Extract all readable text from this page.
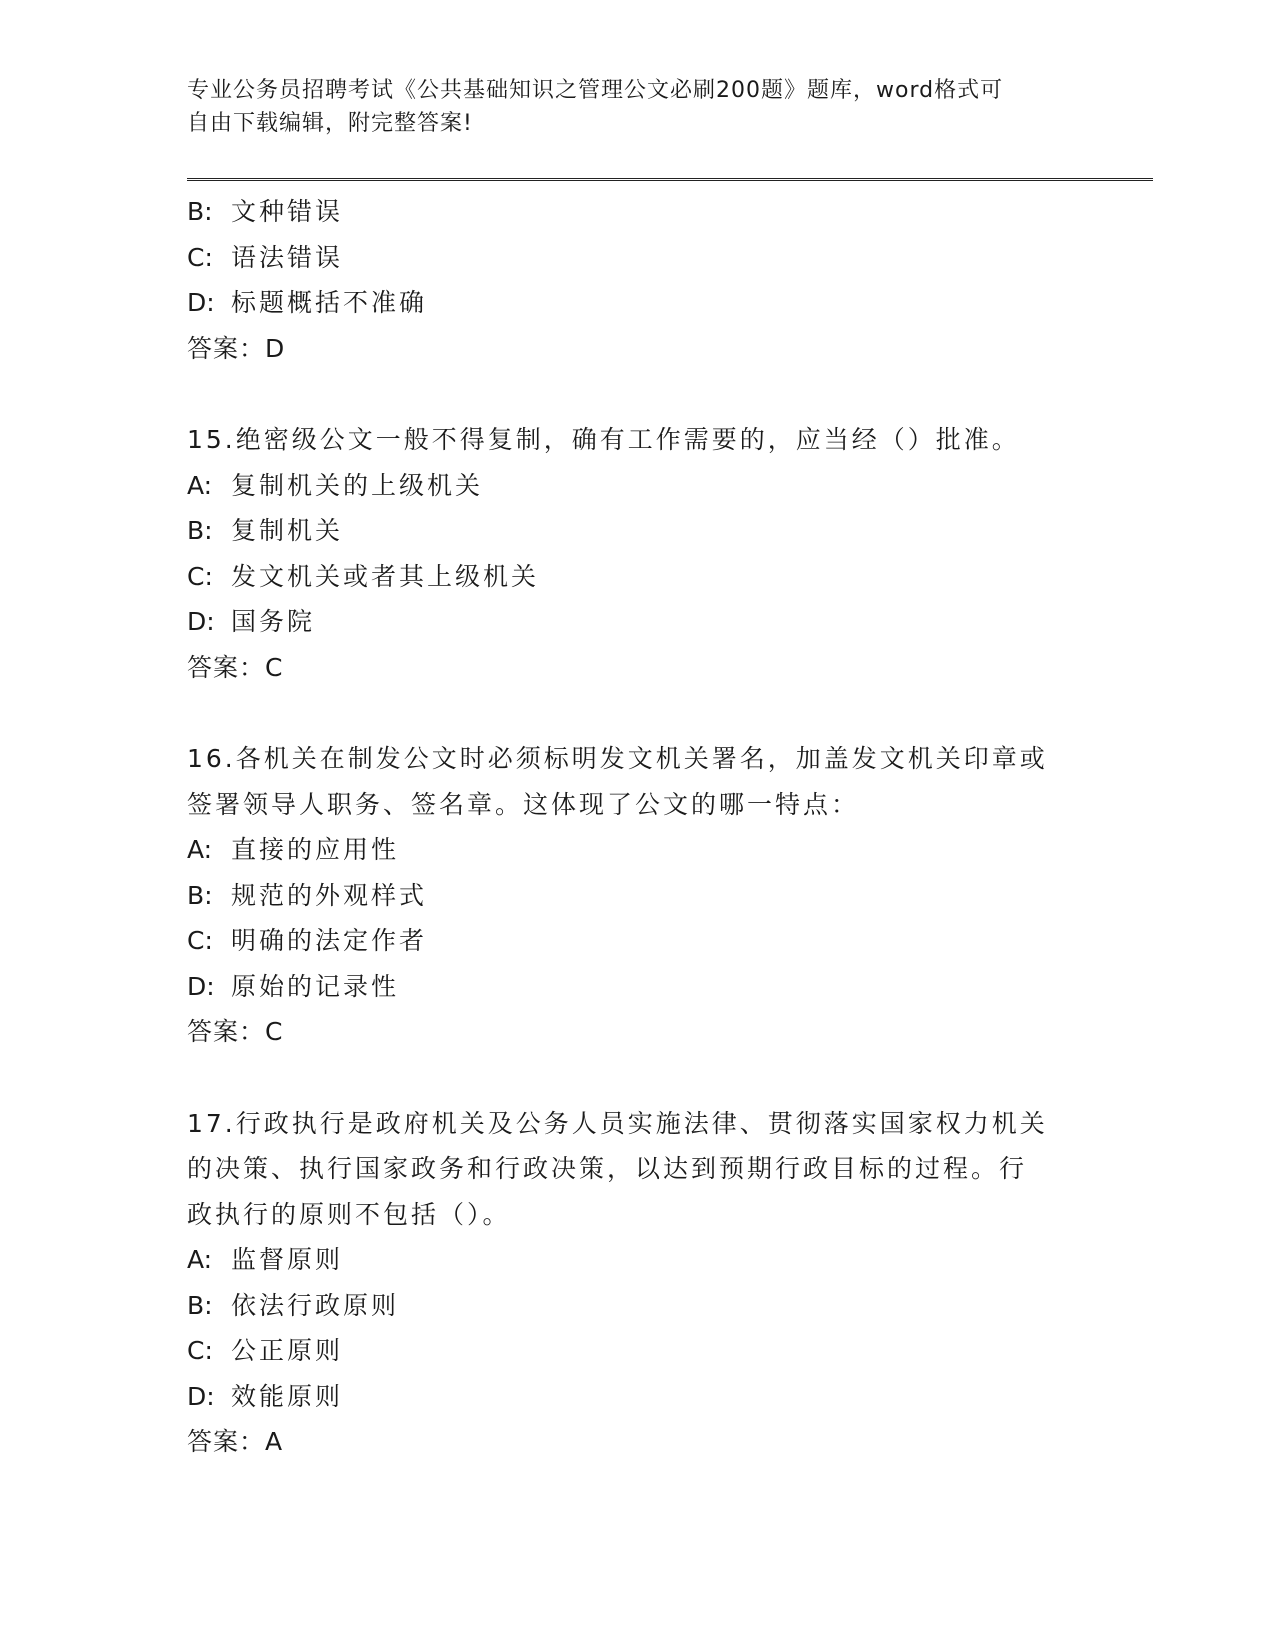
专业公务员招聘考试《公共基础知识之管理公文必刷200题》题库，word格式可
自由下载编辑，附完整答案!
B: 文种错误
C: 语法错误
D: 标题概括不准确
答案：D
15.绝密级公文一般不得复制，确有工作需要的，应当经（）批准。
A: 复制机关的上级机关
B: 复制机关
C: 发文机关或者其上级机关
D: 国务院
答案：C
16.各机关在制发公文时必须标明发文机关署名，加盖发文机关印章或
签署领导人职务、签名章。这体现了公文的哪一特点：
A: 直接的应用性
B: 规范的外观样式
C: 明确的法定作者
D: 原始的记录性
答案：C
17.行政执行是政府机关及公务人员实施法律、贯彻落实国家权力机关
的决策、执行国家政务和行政决策，以达到预期行政目标的过程。行
政执行的原则不包括（）。
A: 监督原则
B: 依法行政原则
C: 公正原则
D: 效能原则
答案：A
